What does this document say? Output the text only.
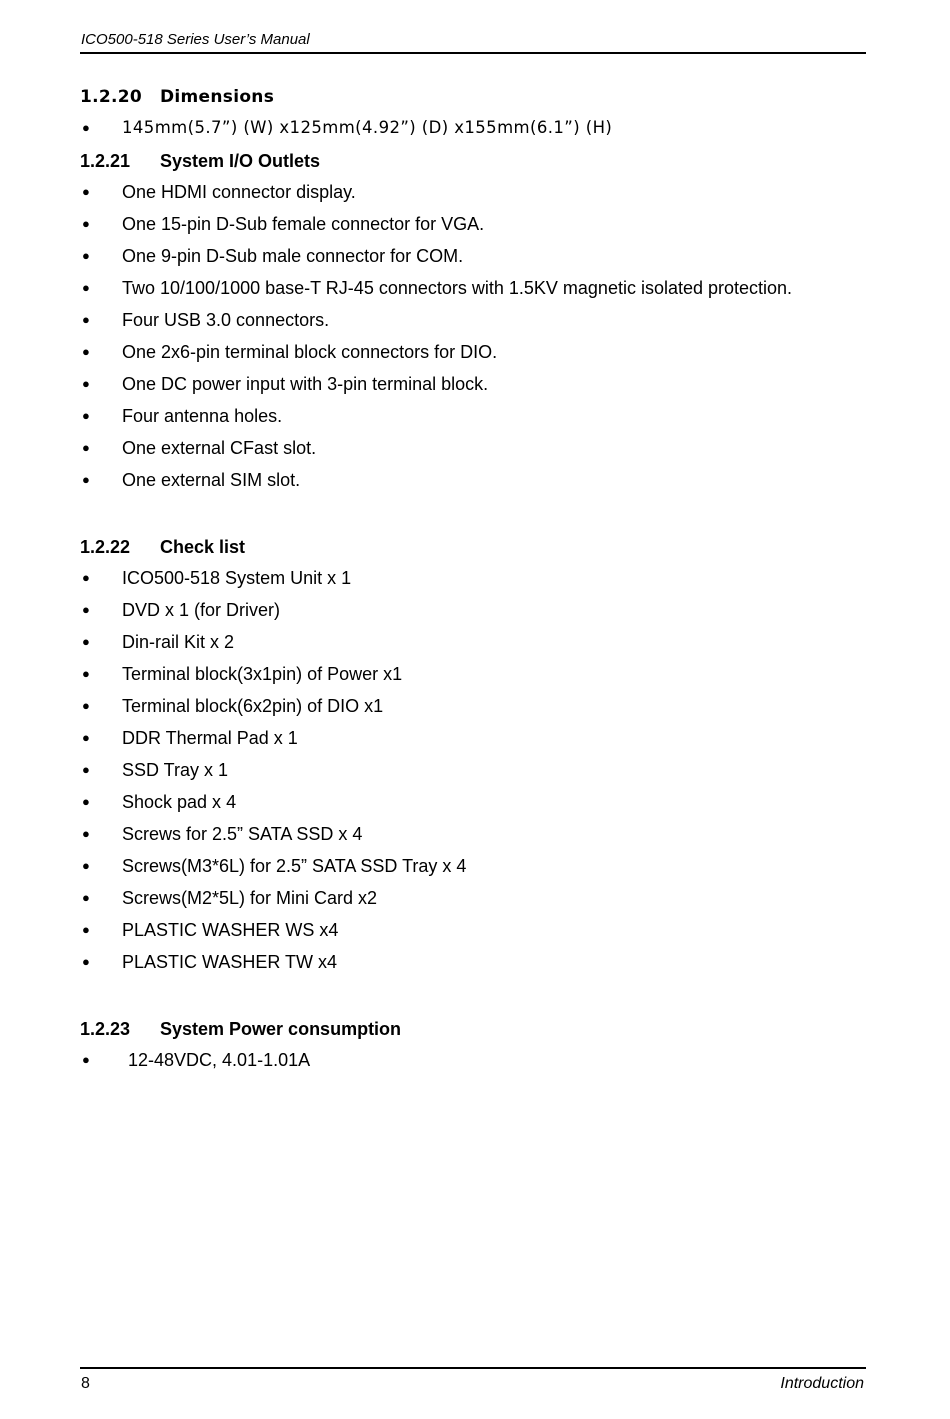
ICO500-518 Series User’s Manual
1.2.20	Dimensions
●	145mm(5.7”) (W) x125mm(4.92”) (D) x155mm(6.1”) (H)
1.2.21	System I/O Outlets
●	One HDMI connector display.
●	One 15-pin D-Sub female connector for VGA.
●	One 9-pin D-Sub male connector for COM.
●	Two 10/100/1000 base-T RJ-45 connectors with 1.5KV magnetic isolated protection.
●	Four USB 3.0 connectors.
●	One 2x6-pin terminal block connectors for DIO.
●	One DC power input with 3-pin terminal block.
●	Four antenna holes.
●	One external CFast slot.
●	One external SIM slot.
1.2.22	Check list
●	ICO500-518 System Unit x 1
●	DVD x 1 (for Driver)
●	Din-rail Kit x 2
●	Terminal block(3x1pin) of Power x1
●	Terminal block(6x2pin) of DIO x1
●	DDR Thermal Pad x 1
●	SSD Tray x 1
●	Shock pad x 4
●	Screws for 2.5” SATA SSD x 4
●	Screws(M3*6L) for 2.5” SATA SSD Tray x 4
●	Screws(M2*5L) for Mini Card x2
●	PLASTIC WASHER WS x4
●	PLASTIC WASHER TW x4
1.2.23	System Power consumption
●	12-48VDC, 4.01-1.01A
8	Introduction
